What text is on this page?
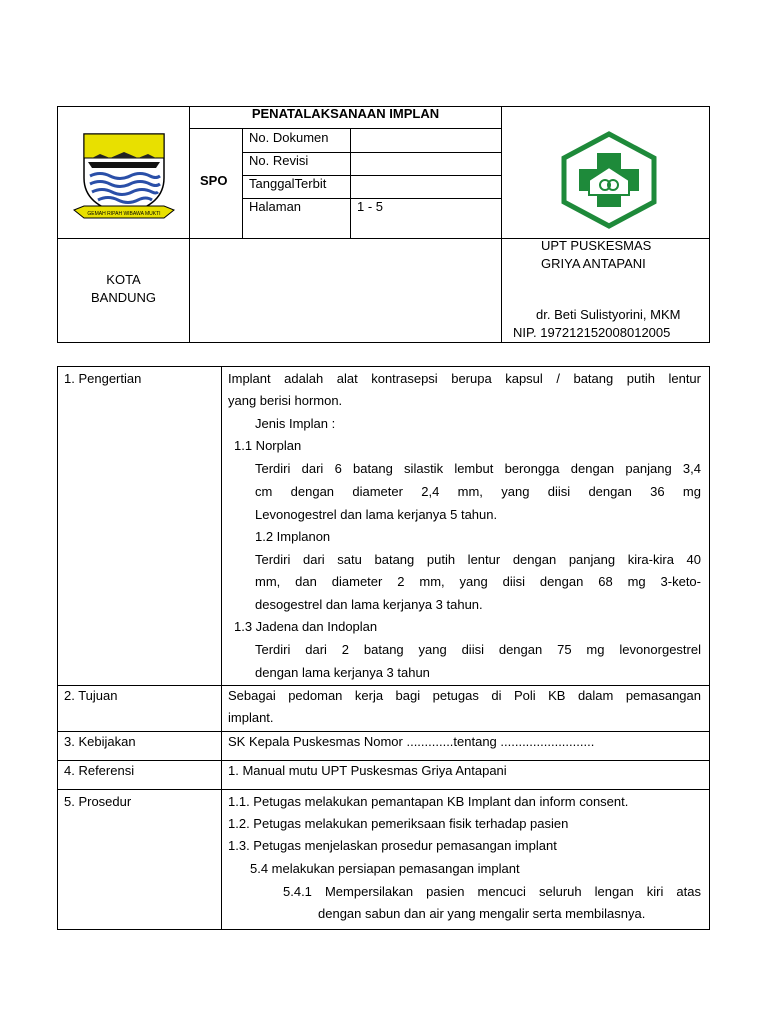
GEMAH RIPAH WIBAWA MUKTI
PENATALAKSANAAN IMPLAN
SPO
No. Dokumen
No. Revisi
TanggalTerbit
Halaman	1 - 5
KOTA
BANDUNG
UPT PUSKESMAS
GRIYA ANTAPANI
dr. Beti Sulistyorini, MKM
NIP. 197212152008012005
1. Pengertian
2. Tujuan
3. Kebijakan
4. Referensi
5. Prosedur
Implant adalah alat kontrasepsi berupa kapsul / batang putih lentur
yang berisi hormon.
Jenis Implan :
1.1 Norplan
Terdiri dari 6 batang silastik lembut berongga dengan panjang 3,4
cm dengan diameter 2,4 mm, yang diisi dengan 36 mg
Levonogestrel dan lama kerjanya 5 tahun.
1.2 Implanon
Terdiri dari satu batang putih lentur dengan panjang kira-kira 40
mm, dan diameter 2 mm, yang diisi dengan 68 mg 3-keto-
desogestrel dan lama kerjanya 3 tahun.
1.3 Jadena dan Indoplan
Terdiri dari 2 batang yang diisi dengan 75 mg levonorgestrel
dengan lama kerjanya 3 tahun
Sebagai pedoman kerja bagi petugas di Poli KB dalam pemasangan
implant.
SK Kepala Puskesmas Nomor .............tentang ..........................
1. Manual mutu UPT Puskesmas Griya Antapani
1.1. Petugas melakukan pemantapan KB Implant dan inform consent.
1.2. Petugas melakukan pemeriksaan fisik terhadap pasien
1.3. Petugas menjelaskan prosedur pemasangan implant
5.4 melakukan persiapan pemasangan implant
5.4.1 Mempersilakan pasien mencuci seluruh lengan kiri atas
dengan sabun dan air yang mengalir serta membilasnya.
